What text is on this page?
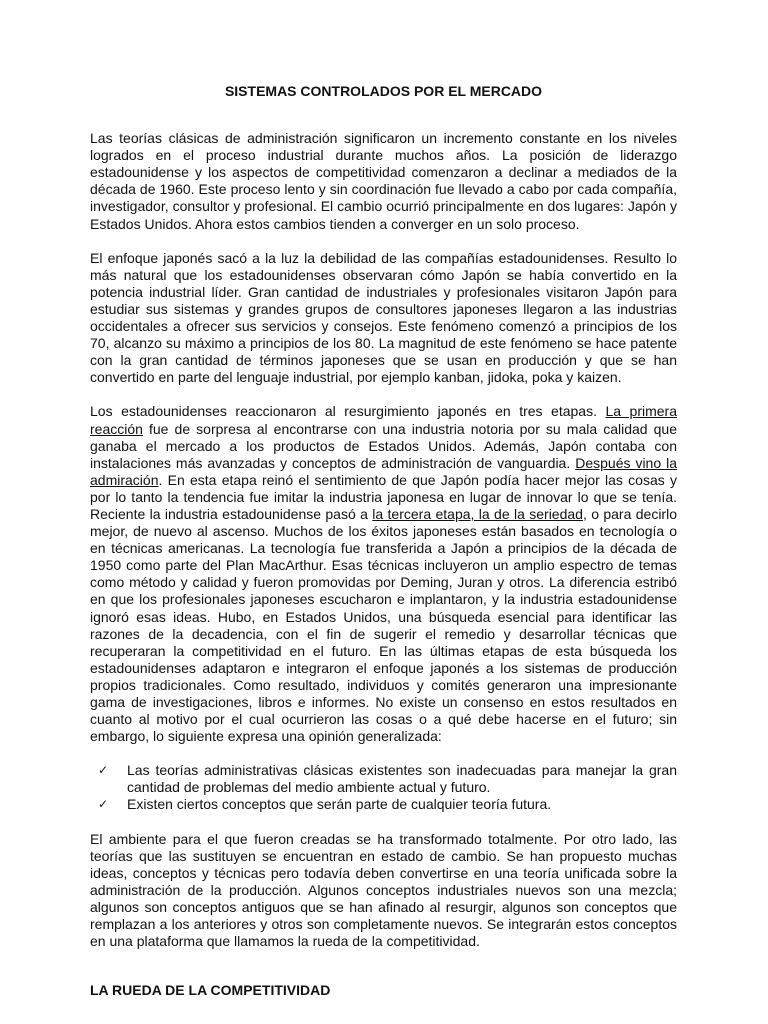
SISTEMAS CONTROLADOS POR EL MERCADO

Las teorías clásicas de administración significaron un incremento constante en los niveles logrados en el proceso industrial durante muchos años. La posición de liderazgo estadounidense y los aspectos de competitividad comenzaron a declinar a mediados de la década de 1960. Este proceso lento y sin coordinación fue llevado a cabo por cada compañía, investigador, consultor y profesional. El cambio ocurrió principalmente en dos lugares: Japón y Estados Unidos. Ahora estos cambios tienden a converger en un solo proceso.

El enfoque japonés sacó a la luz la debilidad de las compañías estadounidenses. Resulto lo más natural que los estadounidenses observaran cómo Japón se había convertido en la potencia industrial líder. Gran cantidad de industriales y profesionales visitaron Japón para estudiar sus sistemas y grandes grupos de consultores japoneses llegaron a las industrias occidentales a ofrecer sus servicios y consejos. Este fenómeno comenzó a principios de los 70, alcanzo su máximo a principios de los 80. La magnitud de este fenómeno se hace patente con la gran cantidad de términos japoneses que se usan en producción y que se han convertido en parte del lenguaje industrial, por ejemplo kanban, jidoka, poka y kaizen.

Los estadounidenses reaccionaron al resurgimiento japonés en tres etapas. La primera reacción fue de sorpresa al encontrarse con una industria notoria por su mala calidad que ganaba el mercado a los productos de Estados Unidos. Además, Japón contaba con instalaciones más avanzadas y conceptos de administración de vanguardia. Después vino la admiración. En esta etapa reinó el sentimiento de que Japón podía hacer mejor las cosas y por lo tanto la tendencia fue imitar la industria japonesa en lugar de innovar lo que se tenía. Reciente la industria estadounidense pasó a la tercera etapa, la de la seriedad, o para decirlo mejor, de nuevo al ascenso. Muchos de los éxitos japoneses están basados en tecnología o en técnicas americanas. La tecnología fue transferida a Japón a principios de la década de 1950 como parte del Plan MacArthur. Esas técnicas incluyeron un amplio espectro de temas como método y calidad y fueron promovidas por Deming, Juran y otros. La diferencia estribó en que los profesionales japoneses escucharon e implantaron, y la industria estadounidense ignoró esas ideas. Hubo, en Estados Unidos, una búsqueda esencial para identificar las razones de la decadencia, con el fin de sugerir el remedio y desarrollar técnicas que recuperaran la competitividad en el futuro. En las últimas etapas de esta búsqueda los estadounidenses adaptaron e integraron el enfoque japonés a los sistemas de producción propios tradicionales. Como resultado, individuos y comités generaron una impresionante gama de investigaciones, libros e informes. No existe un consenso en estos resultados en cuanto al motivo por el cual ocurrieron las cosas o a qué debe hacerse en el futuro; sin embargo, lo siguiente expresa una opinión generalizada:

✓ Las teorías administrativas clásicas existentes son inadecuadas para manejar la gran cantidad de problemas del medio ambiente actual y futuro.
✓ Existen ciertos conceptos que serán parte de cualquier teoría futura.

El ambiente para el que fueron creadas se ha transformado totalmente. Por otro lado, las teorías que las sustituyen se encuentran en estado de cambio. Se han propuesto muchas ideas, conceptos y técnicas pero todavía deben convertirse en una teoría unificada sobre la administración de la producción. Algunos conceptos industriales nuevos son una mezcla; algunos son conceptos antiguos que se han afinado al resurgir, algunos son conceptos que remplazan a los anteriores y otros son completamente nuevos. Se integrarán estos conceptos en una plataforma que llamamos la rueda de la competitividad.

LA RUEDA DE LA COMPETITIVIDAD
